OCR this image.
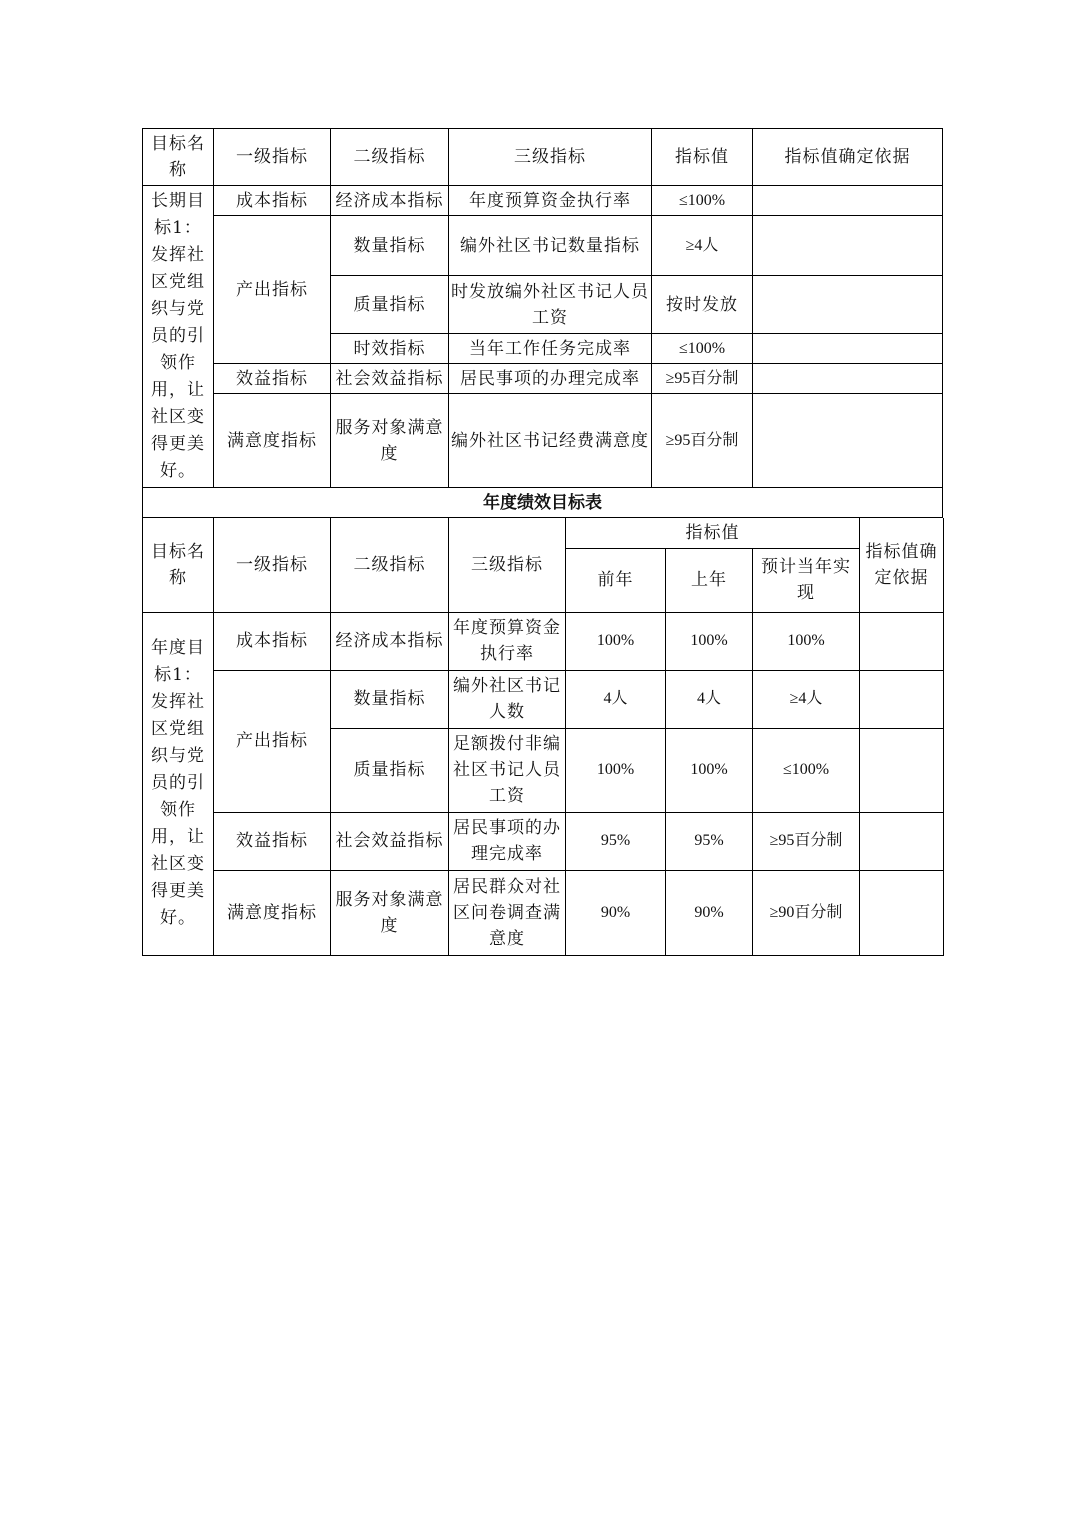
目标名称	一级指标	二级指标	三级指标	指标值	指标值确定依据
长期目标1：发挥社区党组织与党员的引领作用，让社区变得更美好。	成本指标	经济成本指标	年度预算资金执行率	≤100%	
	产出指标	数量指标	编外社区书记数量指标	≥4人	
		质量指标	时发放编外社区书记人员工资	按时发放	
		时效指标	当年工作任务完成率	≤100%	
	效益指标	社会效益指标	居民事项的办理完成率	≥95百分制	
	满意度指标	服务对象满意度	编外社区书记经费满意度	≥95百分制	
年度绩效目标表					
目标名称	一级指标	二级指标	三级指标	指标值			指标值确定依据
				前年	上年	预计当年实现	
年度目标1：发挥社区党组织与党员的引领作用，让社区变得更美好。	成本指标	经济成本指标	年度预算资金执行率	100%	100%	100%	
	产出指标	数量指标	编外社区书记人数	4人	4人	≥4人	
		质量指标	足额拨付非编社区书记人员工资	100%	100%	≤100%	
	效益指标	社会效益指标	居民事项的办理完成率	95%	95%	≥95百分制	
	满意度指标	服务对象满意度	居民群众对社区问卷调查满意度	90%	90%	≥90百分制	
